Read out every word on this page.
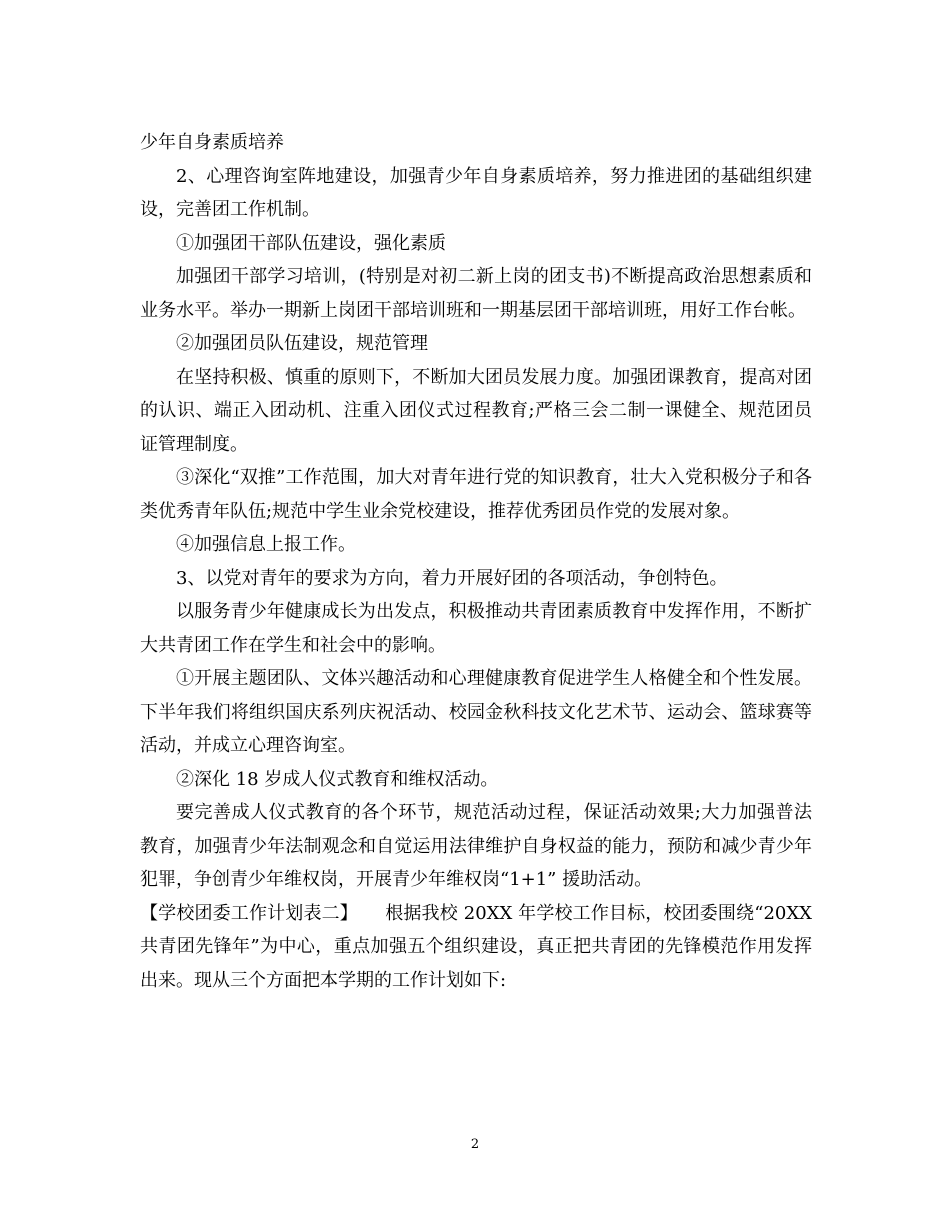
少年自身素质培养

2、心理咨询室阵地建设，加强青少年自身素质培养，努力推进团的基础组织建设，完善团工作机制。

①加强团干部队伍建设，强化素质

加强团干部学习培训，(特别是对初二新上岗的团支书)不断提高政治思想素质和业务水平。举办一期新上岗团干部培训班和一期基层团干部培训班，用好工作台帐。

②加强团员队伍建设，规范管理

在坚持积极、慎重的原则下，不断加大团员发展力度。加强团课教育，提高对团的认识、端正入团动机、注重入团仪式过程教育;严格三会二制一课健全、规范团员证管理制度。

③深化“双推”工作范围，加大对青年进行党的知识教育，壮大入党积极分子和各类优秀青年队伍;规范中学生业余党校建设，推荐优秀团员作党的发展对象。

④加强信息上报工作。

3、以党对青年的要求为方向，着力开展好团的各项活动，争创特色。

以服务青少年健康成长为出发点，积极推动共青团素质教育中发挥作用，不断扩大共青团工作在学生和社会中的影响。

①开展主题团队、文体兴趣活动和心理健康教育促进学生人格健全和个性发展。下半年我们将组织国庆系列庆祝活动、校园金秋科技文化艺术节、运动会、篮球赛等活动，并成立心理咨询室。

②深化 18 岁成人仪式教育和维权活动。

要完善成人仪式教育的各个环节，规范活动过程，保证活动效果;大力加强普法教育，加强青少年法制观念和自觉运用法律维护自身权益的能力，预防和减少青少年犯罪，争创青少年维权岗，开展青少年维权岗“1+1” 援助活动。

【学校团委工作计划表二】　　根据我校 20XX 年学校工作目标，校团委围绕“20XX 共青团先锋年”为中心，重点加强五个组织建设，真正把共青团的先锋模范作用发挥出来。现从三个方面把本学期的工作计划如下:

2
